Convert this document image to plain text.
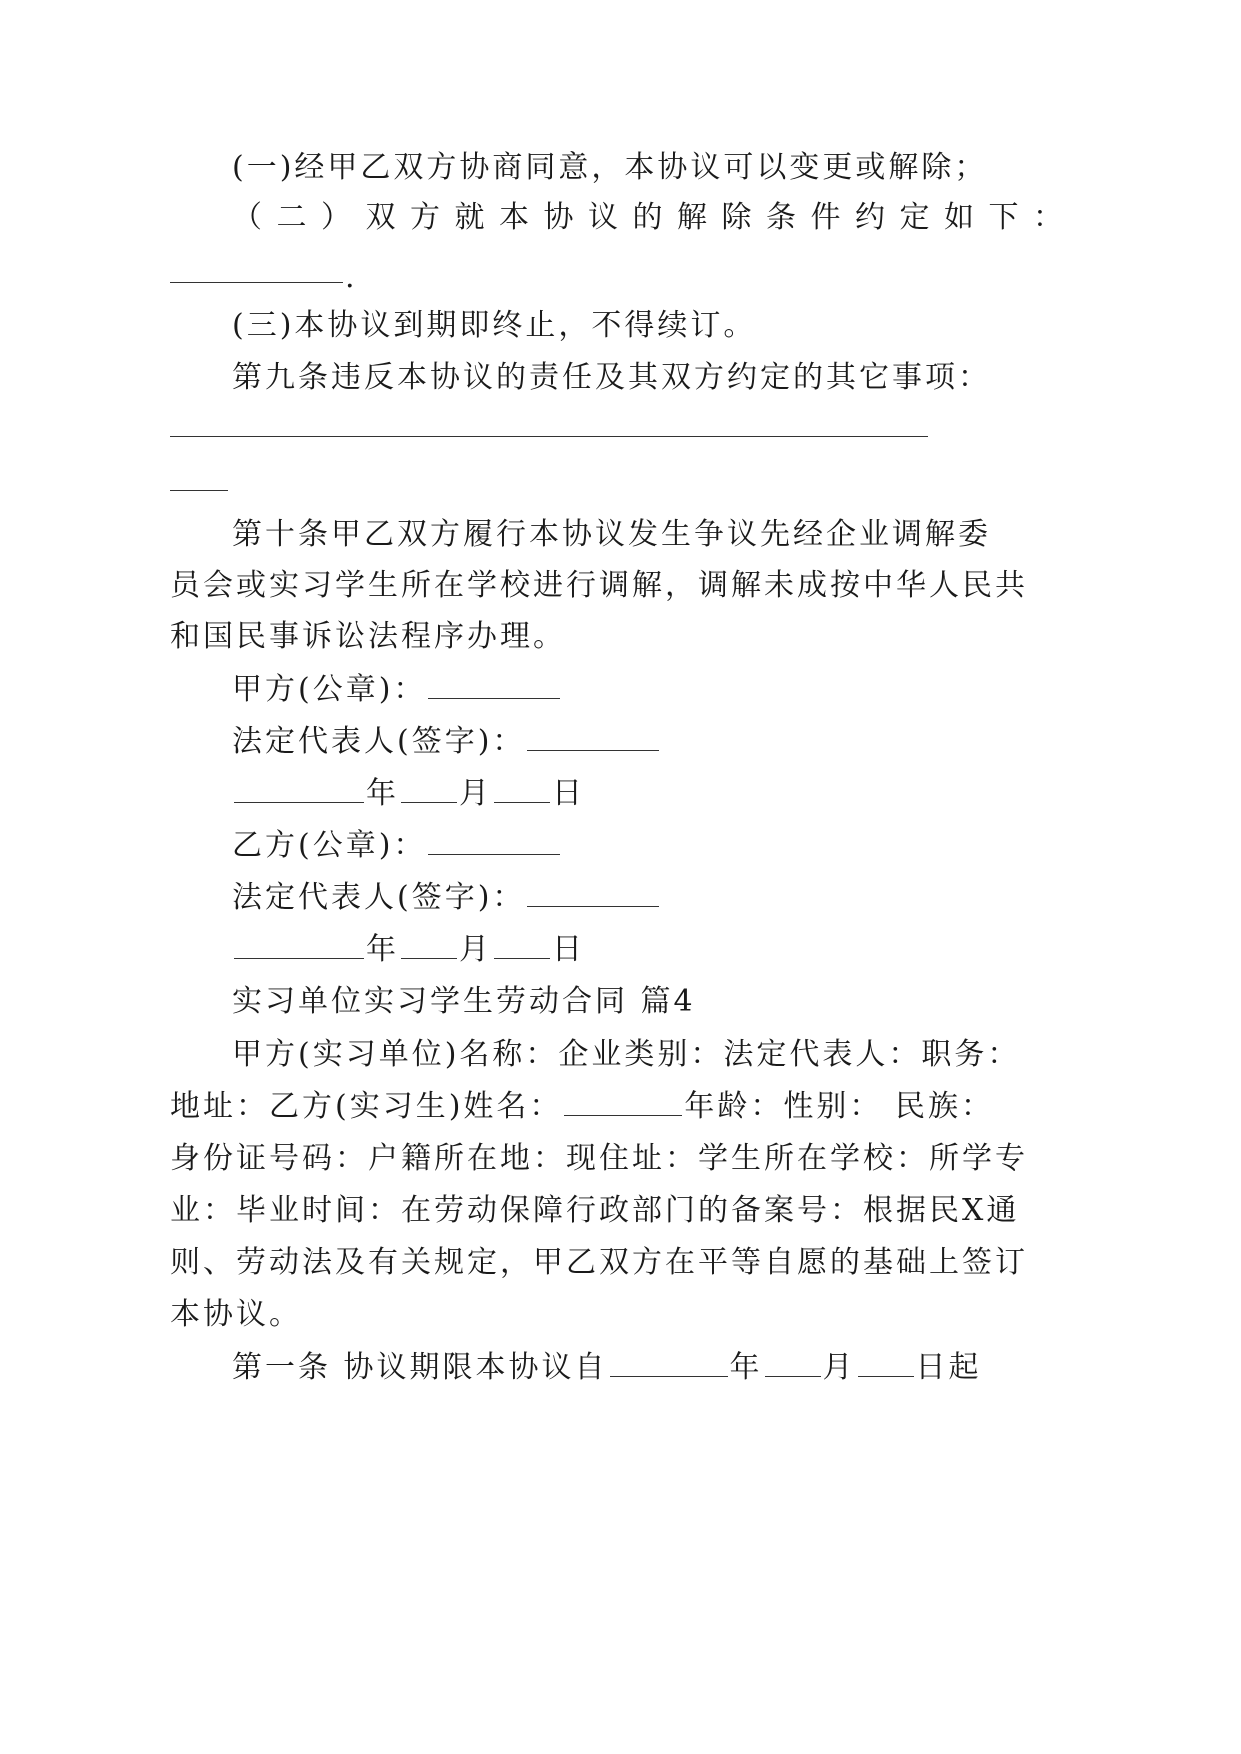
(一)经甲乙双方协商同意，本协议可以变更或解除；
（二）双方就本协议的解除条件约定如下：
.
(三)本协议到期即终止，不得续订。
第九条违反本协议的责任及其双方约定的其它事项：
第十条甲乙双方履行本协议发生争议先经企业调解委
员会或实习学生所在学校进行调解，调解未成按中华人民共
和国民事诉讼法程序办理。
甲方(公章)：
法定代表人(签字)：
年 月 日
乙方(公章)：
法定代表人(签字)：
年 月 日
实习单位实习学生劳动合同 篇4
甲方(实习单位)名称：企业类别：法定代表人：职务：
地址：乙方(实习生)姓名：	年龄：性别： 民族：
身份证号码：户籍所在地：现住址：学生所在学校：所学专
业：毕业时间：在劳动保障行政部门的备案号：根据民X通
则、劳动法及有关规定，甲乙双方在平等自愿的基础上签订
本协议。
第一条 协议期限本协议自	年 月 日起
